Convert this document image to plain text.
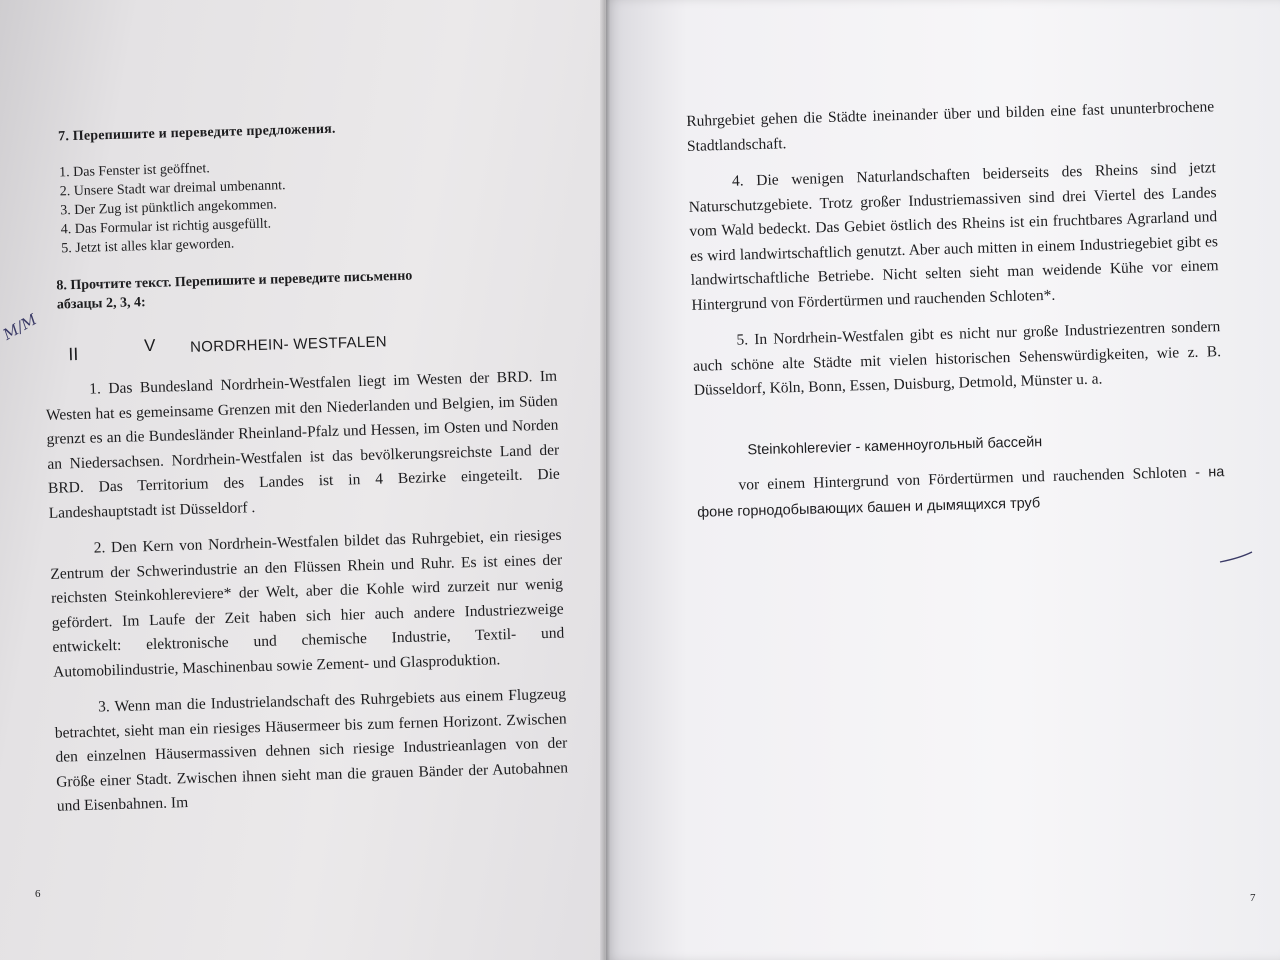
M/M
7. Перепишите и переведите предложения.
1. Das Fenster ist geöffnet.
2. Unsere Stadt war dreimal umbenannt.
3. Der Zug ist pünktlich angekommen.
4. Das Formular ist richtig ausgefüllt.
5. Jetzt ist alles klar geworden.
8. Прочтите текст. Перепишите и переведите письменно
абзацы 2, 3, 4:
II	V NORDRHEIN- WESTFALEN

1. Das Bundesland Nordrhein-Westfalen liegt im Westen der BRD. Im Westen hat es gemeinsame Grenzen mit den Niederlanden und Belgien, im Süden grenzt es an die Bundesländer Rheinland-Pfalz und Hessen, im Osten und Norden an Niedersachsen. Nordrhein-Westfalen ist das bevölkerungsreichste Land der BRD. Das Territorium des Landes ist in 4 Bezirke eingeteilt. Die Landeshauptstadt ist Düsseldorf .

2. Den Kern von Nordrhein-Westfalen bildet das Ruhrgebiet, ein riesiges Zentrum der Schwerindustrie an den Flüssen Rhein und Ruhr. Es ist eines der reichsten Steinkohlereviere* der Welt, aber die Kohle wird zurzeit nur wenig gefördert. Im Laufe der Zeit haben sich hier auch andere Industriezweige entwickelt: elektronische und chemische Industrie, Textil- und Automobilindustrie, Maschinenbau sowie Zement- und Glasproduktion.

3. Wenn man die Industrielandschaft des Ruhrgebiets aus einem Flugzeug betrachtet, sieht man ein riesiges Häusermeer bis zum fernen Horizont. Zwischen den einzelnen Häusermassiven dehnen sich riesige Industrieanlagen von der Größe einer Stadt. Zwischen ihnen sieht man die grauen Bänder der Autobahnen und Eisenbahnen. Im

Ruhrgebiet gehen die Städte ineinander über und bilden eine fast ununterbrochene Stadtlandschaft.

4. Die wenigen Naturlandschaften beiderseits des Rheins sind jetzt Naturschutzgebiete. Trotz großer Industriemassiven sind drei Viertel des Landes vom Wald bedeckt. Das Gebiet östlich des Rheins ist ein fruchtbares Agrarland und es wird landwirtschaftlich genutzt. Aber auch mitten in einem Industriegebiet gibt es landwirtschaftliche Betriebe. Nicht selten sieht man weidende Kühe vor einem Hintergrund von Fördertürmen und rauchenden Schloten*.

5. In Nordrhein-Westfalen gibt es nicht nur große Industriezentren sondern auch schöne alte Städte mit vielen historischen Sehenswürdigkeiten, wie z. B. Düsseldorf, Köln, Bonn, Essen, Duisburg, Detmold, Münster u. a.

Steinkohlerevier - каменноугольный бассейн
vor einem Hintergrund von Fördertürmen und rauchenden Schloten - на фоне горнодобывающих башен и дымящихся труб
6	7
